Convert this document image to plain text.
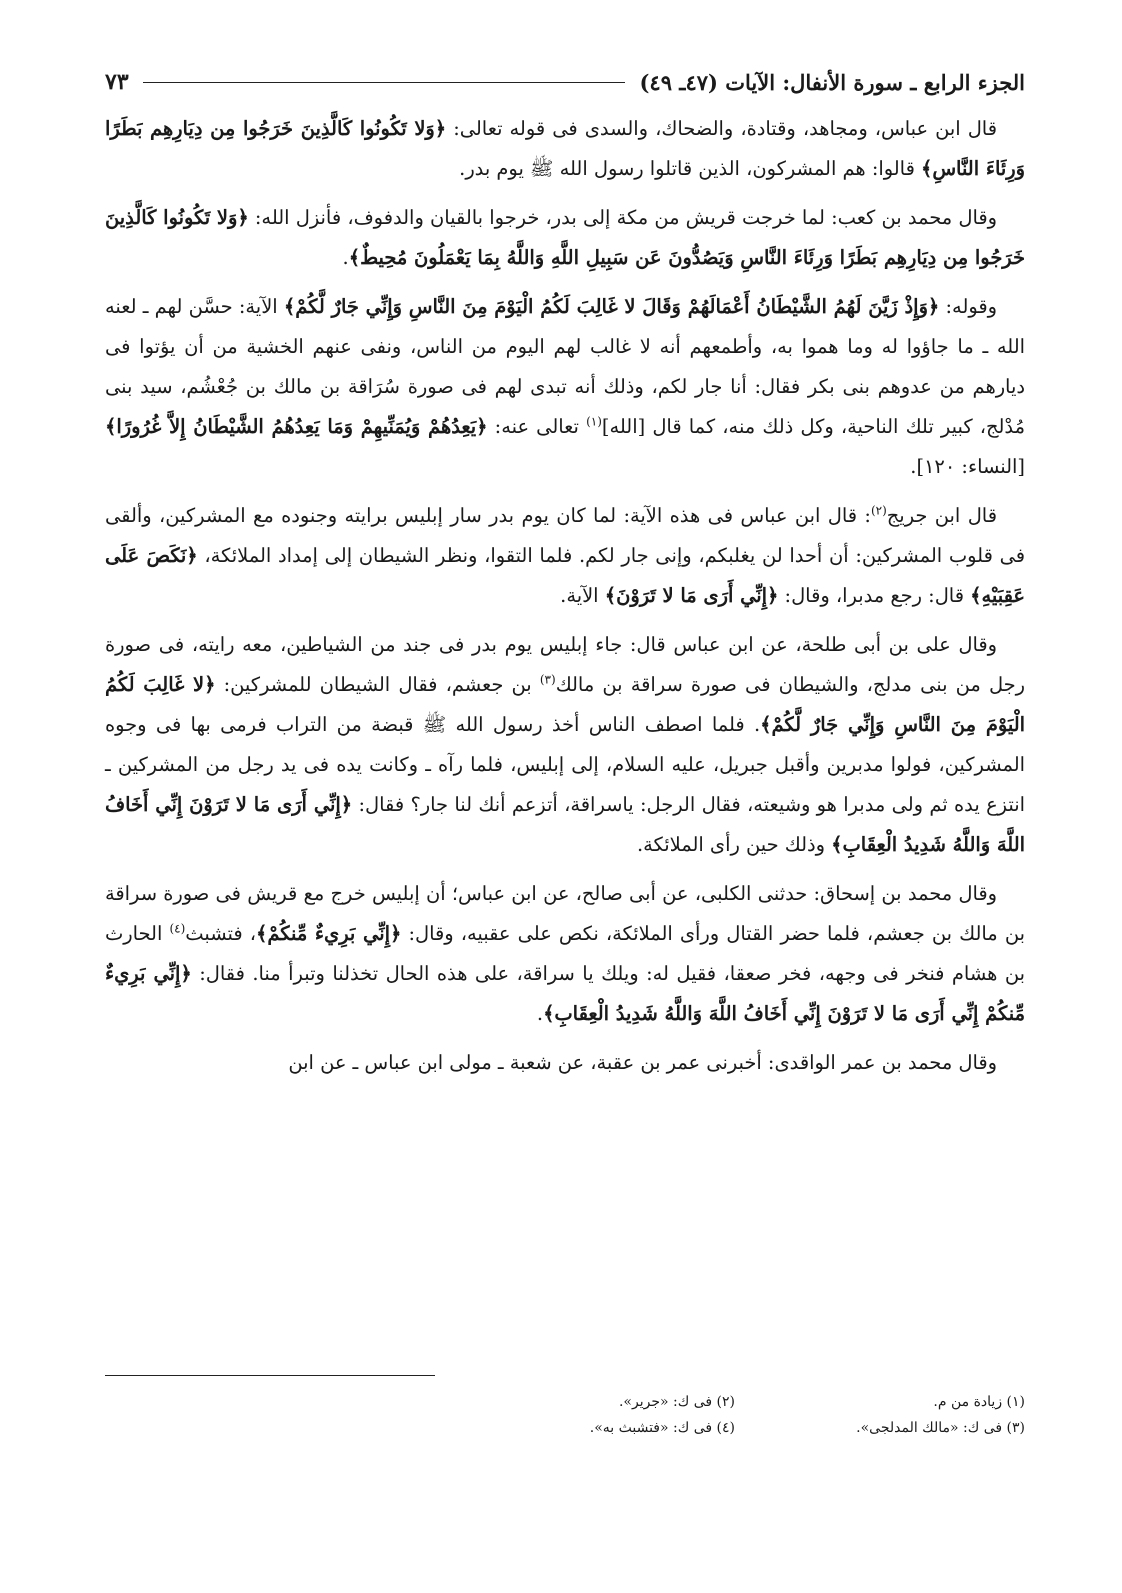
الجزء الرابع ـ سورة الأنفال: الآيات (٤٧ـ ٤٩)
٧٣

قال ابن عباس، ومجاهد، وقتادة، والضحاك، والسدى فى قوله تعالى: ﴿وَلا تَكُونُوا كَالَّذِينَ خَرَجُوا مِن دِيَارِهِم بَطَرًا وَرِئَاءَ النَّاسِ﴾ قالوا: هم المشركون، الذين قاتلوا رسول الله ﷺ يوم بدر.

وقال محمد بن كعب: لما خرجت قريش من مكة إلى بدر، خرجوا بالقيان والدفوف، فأنزل الله: ﴿وَلا تَكُونُوا كَالَّذِينَ خَرَجُوا مِن دِيَارِهِم بَطَرًا وَرِئَاءَ النَّاسِ وَيَصُدُّونَ عَن سَبِيلِ اللَّهِ وَاللَّهُ بِمَا يَعْمَلُونَ مُحِيطٌ﴾.

وقوله: ﴿وَإِذْ زَيَّنَ لَهُمُ الشَّيْطَانُ أَعْمَالَهُمْ وَقَالَ لا غَالِبَ لَكُمُ الْيَوْمَ مِنَ النَّاسِ وَإِنِّي جَارٌ لَّكُمْ﴾ الآية: حسَّن لهم ـ لعنه الله ـ ما جاؤوا له وما هموا به، وأطمعهم أنه لا غالب لهم اليوم من الناس، ونفى عنهم الخشية من أن يؤتوا فى ديارهم من عدوهم بنى بكر فقال: أنا جار لكم، وذلك أنه تبدى لهم فى صورة سُرَاقة بن مالك بن جُعْشُم، سيد بنى مُدْلج، كبير تلك الناحية، وكل ذلك منه، كما قال [الله]$^{(١)}$ تعالى عنه: ﴿يَعِدُهُمْ وَيُمَنِّيهِمْ وَمَا يَعِدُهُمُ الشَّيْطَانُ إِلاَّ غُرُورًا﴾ [النساء: ١٢٠].

قال ابن جريج$^{(٢)}$: قال ابن عباس فى هذه الآية: لما كان يوم بدر سار إبليس برايته وجنوده مع المشركين، وألقى فى قلوب المشركين: أن أحدا لن يغلبكم، وإنى جار لكم. فلما التقوا، ونظر الشيطان إلى إمداد الملائكة، ﴿نَكَصَ عَلَى عَقِبَيْهِ﴾ قال: رجع مدبرا، وقال: ﴿إِنِّي أَرَى مَا لا تَرَوْنَ﴾ الآية.

وقال على بن أبى طلحة، عن ابن عباس قال: جاء إبليس يوم بدر فى جند من الشياطين، معه رايته، فى صورة رجل من بنى مدلج، والشيطان فى صورة سراقة بن مالك$^{(٣)}$ بن جعشم، فقال الشيطان للمشركين: ﴿لا غَالِبَ لَكُمُ الْيَوْمَ مِنَ النَّاسِ وَإِنِّي جَارٌ لَّكُمْ﴾. فلما اصطف الناس أخذ رسول الله ﷺ قبضة من التراب فرمى بها فى وجوه المشركين، فولوا مدبرين وأقبل جبريل، عليه السلام، إلى إبليس، فلما رآه ـ وكانت يده فى يد رجل من المشركين ـ انتزع يده ثم ولى مدبرا هو وشيعته، فقال الرجل: ياسراقة، أتزعم أنك لنا جار؟ فقال: ﴿إِنِّي أَرَى مَا لا تَرَوْنَ إِنِّي أَخَافُ اللَّهَ وَاللَّهُ شَدِيدُ الْعِقَابِ﴾ وذلك حين رأى الملائكة.

وقال محمد بن إسحاق: حدثنى الكلبى، عن أبى صالح، عن ابن عباس؛ أن إبليس خرج مع قريش فى صورة سراقة بن مالك بن جعشم، فلما حضر القتال ورأى الملائكة، نكص على عقبيه، وقال: ﴿إِنِّي بَرِيءٌ مِّنكُمْ﴾، فتشبث$^{(٤)}$ الحارث بن هشام فنخر فى وجهه، فخر صعقا، فقيل له: ويلك يا سراقة، على هذه الحال تخذلنا وتبرأ منا. فقال: ﴿إِنِّي بَرِيءٌ مِّنكُمْ إِنِّي أَرَى مَا لا تَرَوْنَ إِنِّي أَخَافُ اللَّهَ وَاللَّهُ شَدِيدُ الْعِقَابِ﴾.

وقال محمد بن عمر الواقدى: أخبرنى عمر بن عقبة، عن شعبة ـ مولى ابن عباس ـ عن ابن

(١) زيادة من م.
(٢) فى ك: «جرير».
(٣) فى ك: «مالك المدلجى».
(٤) فى ك: «فتشبث به».
